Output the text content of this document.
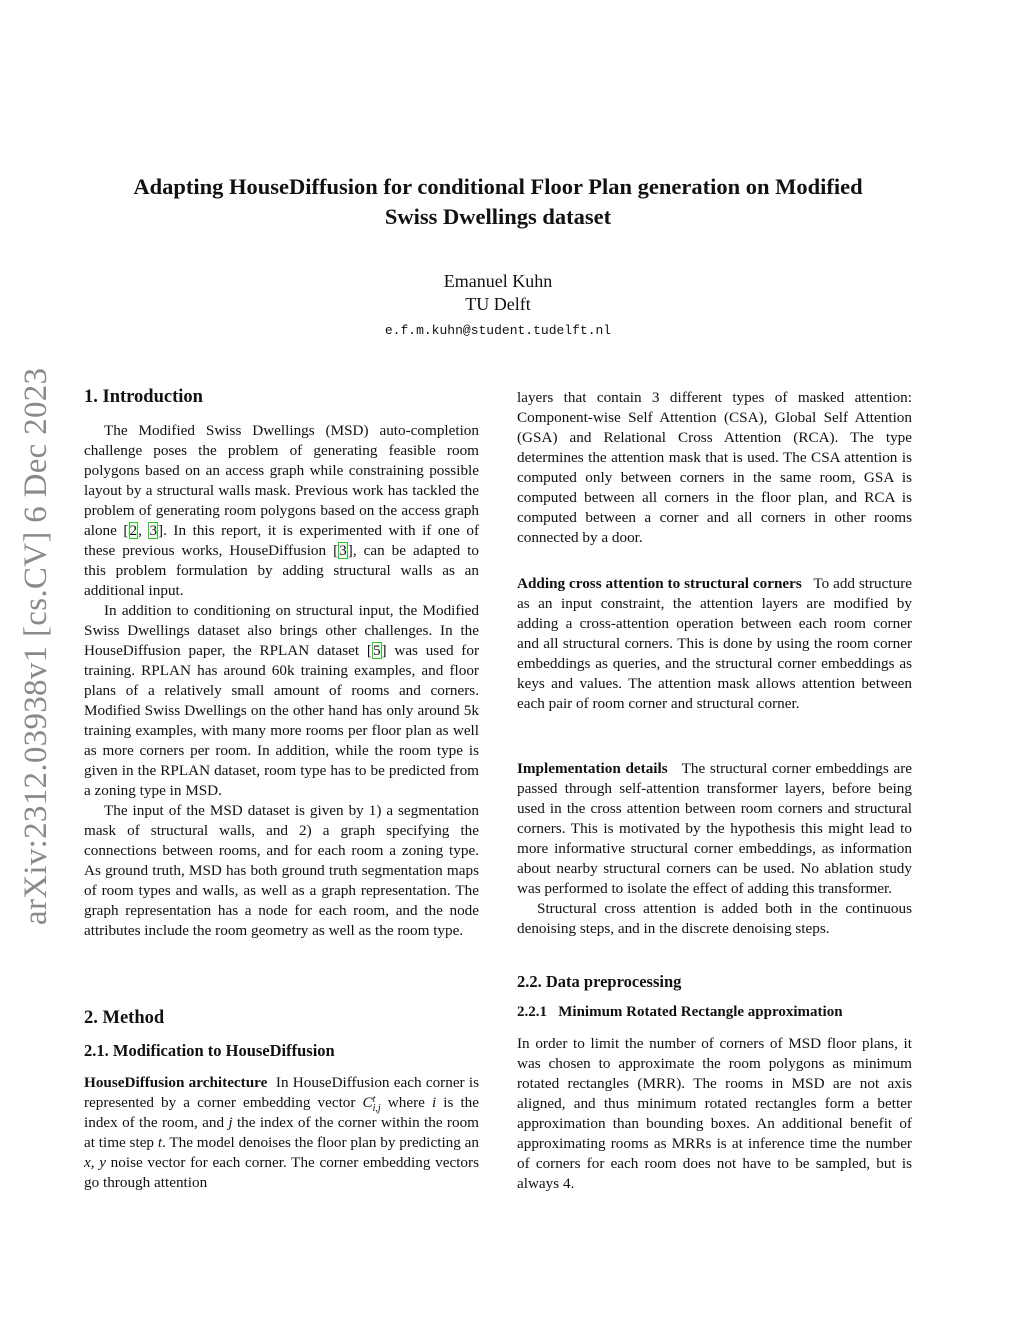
arXiv:2312.03938v1 [cs.CV] 6 Dec 2023
Adapting HouseDiffusion for conditional Floor Plan generation on Modified
Swiss Dwellings dataset
Emanuel Kuhn
TU Delft
e.f.m.kuhn@student.tudelft.nl
1. Introduction

The Modified Swiss Dwellings (MSD) auto-completion challenge poses the problem of generating feasible room polygons based on an access graph while constraining possible layout by a structural walls mask. Previous work has tackled the problem of generating room polygons based on the access graph alone [2, 3]. In this report, it is experimented with if one of these previous works, HouseDiffusion [3], can be adapted to this problem formulation by adding structural walls as an additional input.

In addition to conditioning on structural input, the Modified Swiss Dwellings dataset also brings other challenges. In the HouseDiffusion paper, the RPLAN dataset [5] was used for training. RPLAN has around 60k training examples, and floor plans of a relatively small amount of rooms and corners. Modified Swiss Dwellings on the other hand has only around 5k training examples, with many more rooms per floor plan as well as more corners per room. In addition, while the room type is given in the RPLAN dataset, room type has to be predicted from a zoning type in MSD.

The input of the MSD dataset is given by 1) a segmentation mask of structural walls, and 2) a graph specifying the connections between rooms, and for each room a zoning type. As ground truth, MSD has both ground truth segmentation maps of room types and walls, as well as a graph representation. The graph representation has a node for each room, and the node attributes include the room geometry as well as the room type.

2. Method
2.1. Modification to HouseDiffusion

HouseDiffusion architecture In HouseDiffusion each corner is represented by a corner embedding vector C t
i,j where i is the index of the room, and j the index of the corner within the room at time step t. The model denoises the floor plan by predicting an x, y noise vector for each corner. The corner embedding vectors go through attention

layers that contain 3 different types of masked attention: Component-wise Self Attention (CSA), Global Self Attention (GSA) and Relational Cross Attention (RCA). The type determines the attention mask that is used. The CSA attention is computed only between corners in the same room, GSA is computed between all corners in the floor plan, and RCA is computed between a corner and all corners in other rooms connected by a door.

Adding cross attention to structural corners To add structure as an input constraint, the attention layers are modified by adding a cross-attention operation between each room corner and all structural corners. This is done by using the room corner embeddings as queries, and the structural corner embeddings as keys and values. The attention mask allows attention between each pair of room corner and structural corner.

Implementation details The structural corner embeddings are passed through self-attention transformer layers, before being used in the cross attention between room corners and structural corners. This is motivated by the hypothesis this might lead to more informative structural corner embeddings, as information about nearby structural corners can be used. No ablation study was performed to isolate the effect of adding this transformer.

Structural cross attention is added both in the continuous denoising steps, and in the discrete denoising steps.

2.2. Data preprocessing
2.2.1   Minimum Rotated Rectangle approximation

In order to limit the number of corners of MSD floor plans, it was chosen to approximate the room polygons as minimum rotated rectangles (MRR). The rooms in MSD are not axis aligned, and thus minimum rotated rectangles form a better approximation than bounding boxes. An additional benefit of approximating rooms as MRRs is at inference time the number of corners for each room does not have to be sampled, but is always 4.
